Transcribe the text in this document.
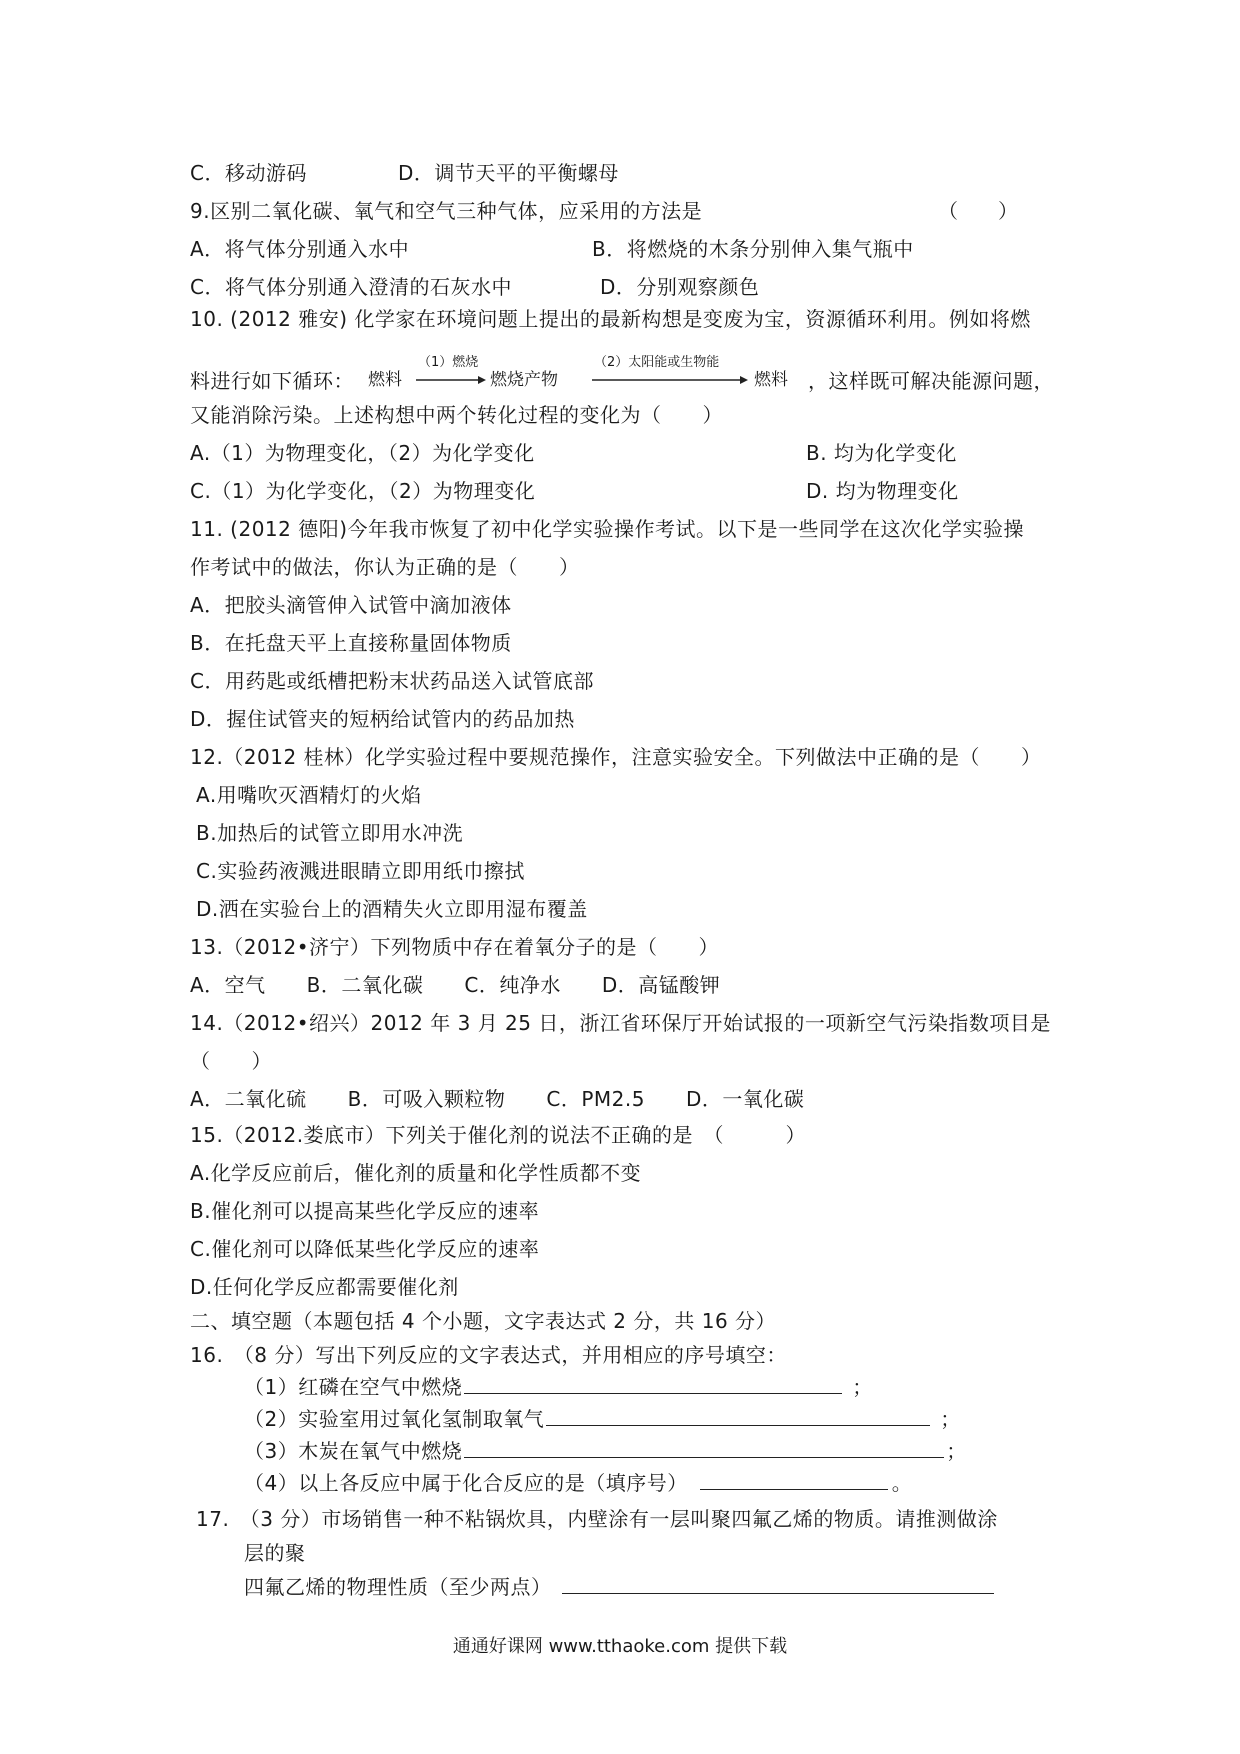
C．移动游码	D．调节天平的平衡螺母
9.区别二氧化碳、氧气和空气三种气体，应采用的方法是	（　　）
A．将气体分别通入水中	B．将燃烧的木条分别伸入集气瓶中
C．将气体分别通入澄清的石灰水中	D．分别观察颜色
10. (2012 雅安) 化学家在环境问题上提出的最新构想是变废为宝，资源循环利用。例如将燃
料进行如下循环： 燃料
（1）燃烧
燃烧产物
（2）太阳能或生物能
燃料 ，这样既可解决能源问题，
又能消除污染。上述构想中两个转化过程的变化为（　　）
A.（1）为物理变化，（2）为化学变化	B. 均为化学变化
C.（1）为化学变化，（2）为物理变化	D. 均为物理变化
11. (2012 德阳)今年我市恢复了初中化学实验操作考试。以下是一些同学在这次化学实验操
作考试中的做法，你认为正确的是（　　）
A．把胶头滴管伸入试管中滴加液体
B．在托盘天平上直接称量固体物质
C．用药匙或纸槽把粉末状药品送入试管底部
D．握住试管夹的短柄给试管内的药品加热
12.（2012 桂林）化学实验过程中要规范操作，注意实验安全。下列做法中正确的是（　　）
A.用嘴吹灭酒精灯的火焰
B.加热后的试管立即用水冲洗
C.实验药液溅进眼睛立即用纸巾擦拭
D.洒在实验台上的酒精失火立即用湿布覆盖
13.（2012•济宁）下列物质中存在着氧分子的是（　　）
A．空气　　B．二氧化碳　　C．纯净水　　D．高锰酸钾
14.（2012•绍兴）2012 年 3 月 25 日，浙江省环保厅开始试报的一项新空气污染指数项目是
（　　）
A．二氧化硫　　B．可吸入颗粒物　　C．PM2.5　　D．一氧化碳
15.（2012.娄底市）下列关于催化剂的说法不正确的是　（　　　）
A.化学反应前后，催化剂的质量和化学性质都不变
B.催化剂可以提高某些化学反应的速率
C.催化剂可以降低某些化学反应的速率
D.任何化学反应都需要催化剂
二、填空题（本题包括 4 个小题，文字表达式 2 分，共 16 分）
16.　（8 分）写出下列反应的文字表达式，并用相应的序号填空：
（1）红磷在空气中燃烧	；
（2）实验室用过氧化氢制取氧气	；
（3）木炭在氧气中燃烧	；
（4）以上各反应中属于化合反应的是（填序号）	。
17.　（3 分）市场销售一种不粘锅炊具，内壁涂有一层叫聚四氟乙烯的物质。请推测做涂
层的聚
四氟乙烯的物理性质（至少两点）
通通好课网 www.tthaoke.com 提供下载
